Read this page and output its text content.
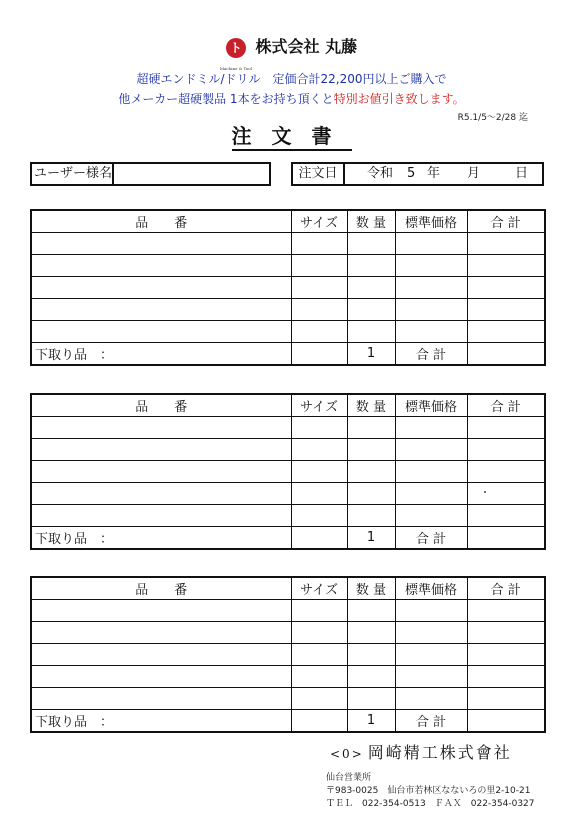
ト
Machine & Tool
株式会社 丸藤
超硬エンドミル/ドリル　定価合計22,200円以上ご購入で
他メーカー超硬製品 1本をお持ち頂くと特別お値引き致します。
R5.1/5～2/28 迄
注文書
ユーザー様名	注文日	令和 5 年 月	日
品　　番	サイズ	数 量	標準価格	合 計

下取り品　：		1	合 計	
品　　番	サイズ	数 量	標準価格	合 計

下取り品　：		1	合 計	
品　　番	サイズ	数 量	標準価格	合 計

下取り品　：		1	合 計	
<0> 岡崎精工株式會社
仙台営業所
〒983-0025　仙台市若林区なないろの里2-10-21
ＴＥＬ　022-354-0513　ＦＡＸ　022-354-0327
